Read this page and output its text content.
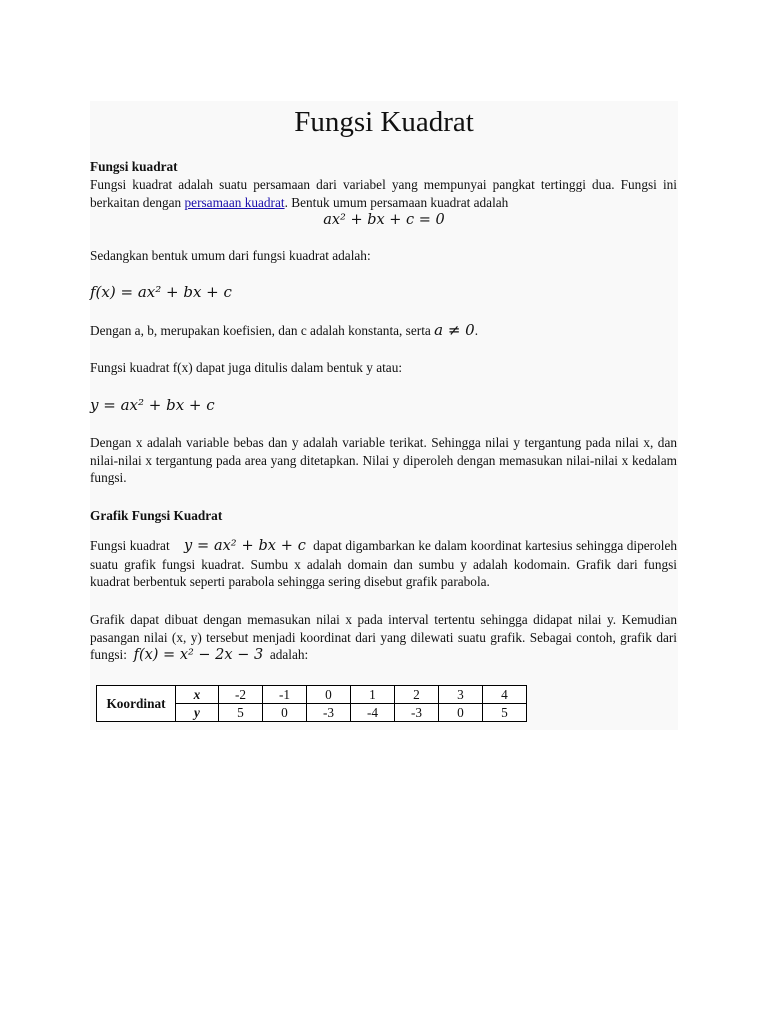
Fungsi Kuadrat
Fungsi kuadrat
Fungsi kuadrat adalah suatu persamaan dari variabel yang mempunyai pangkat tertinggi dua. Fungsi ini berkaitan dengan persamaan kuadrat. Bentuk umum persamaan kuadrat adalah
ax² + bx + c = 0
Sedangkan bentuk umum dari fungsi kuadrat adalah:
f(x) = ax² + bx + c
Dengan a, b, merupakan koefisien, dan c adalah konstanta, serta a ≠ 0.
Fungsi kuadrat f(x) dapat juga ditulis dalam bentuk y atau:
y = ax² + bx + c
Dengan x adalah variable bebas dan y adalah variable terikat. Sehingga nilai y tergantung pada nilai x, dan nilai-nilai x tergantung pada area yang ditetapkan. Nilai y diperoleh dengan memasukan nilai-nilai x kedalam fungsi.
Grafik Fungsi Kuadrat
Fungsi kuadrat y = ax² + bx + c dapat digambarkan ke dalam koordinat kartesius sehingga diperoleh suatu grafik fungsi kuadrat. Sumbu x adalah domain dan sumbu y adalah kodomain. Grafik dari fungsi kuadrat berbentuk seperti parabola sehingga sering disebut grafik parabola.
Grafik dapat dibuat dengan memasukan nilai x pada interval tertentu sehingga didapat nilai y. Kemudian pasangan nilai (x, y) tersebut menjadi koordinat dari yang dilewati suatu grafik. Sebagai contoh, grafik dari fungsi: f(x) = x² − 2x − 3 adalah:
Koordinat	x	-2	-1	0	1	2	3	4
	y	5	0	-3	-4	-3	0	5
